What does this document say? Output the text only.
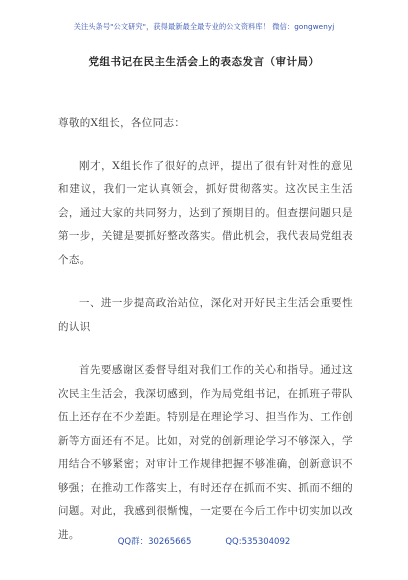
关注头条号"公文研究"，获得最新最全最专业的公文资料库！ 微信：gongwenyj
党组书记在民主生活会上的表态发言（审计局）

尊敬的X组长，各位同志：

刚才，X组长作了很好的点评，提出了很有针对性的意见和建议，我们一定认真领会，抓好贯彻落实。这次民主生活会，通过大家的共同努力，达到了预期目的。但查摆问题只是第一步，关键是要抓好整改落实。借此机会，我代表局党组表个态。

一、进一步提高政治站位，深化对开好民主生活会重要性的认识

首先要感谢区委督导组对我们工作的关心和指导。通过这次民主生活会，我深切感到，作为局党组书记，在抓班子带队伍上还存在不少差距。特别是在理论学习、担当作为、工作创新等方面还有不足。比如，对党的创新理论学习不够深入，学用结合不够紧密；对审计工作规律把握不够准确，创新意识不够强；在推动工作落实上，有时还存在抓而不实、抓而不细的问题。对此，我感到很惭愧，一定要在今后工作中切实加以改进。

QQ群：30265665	QQ:535304092
